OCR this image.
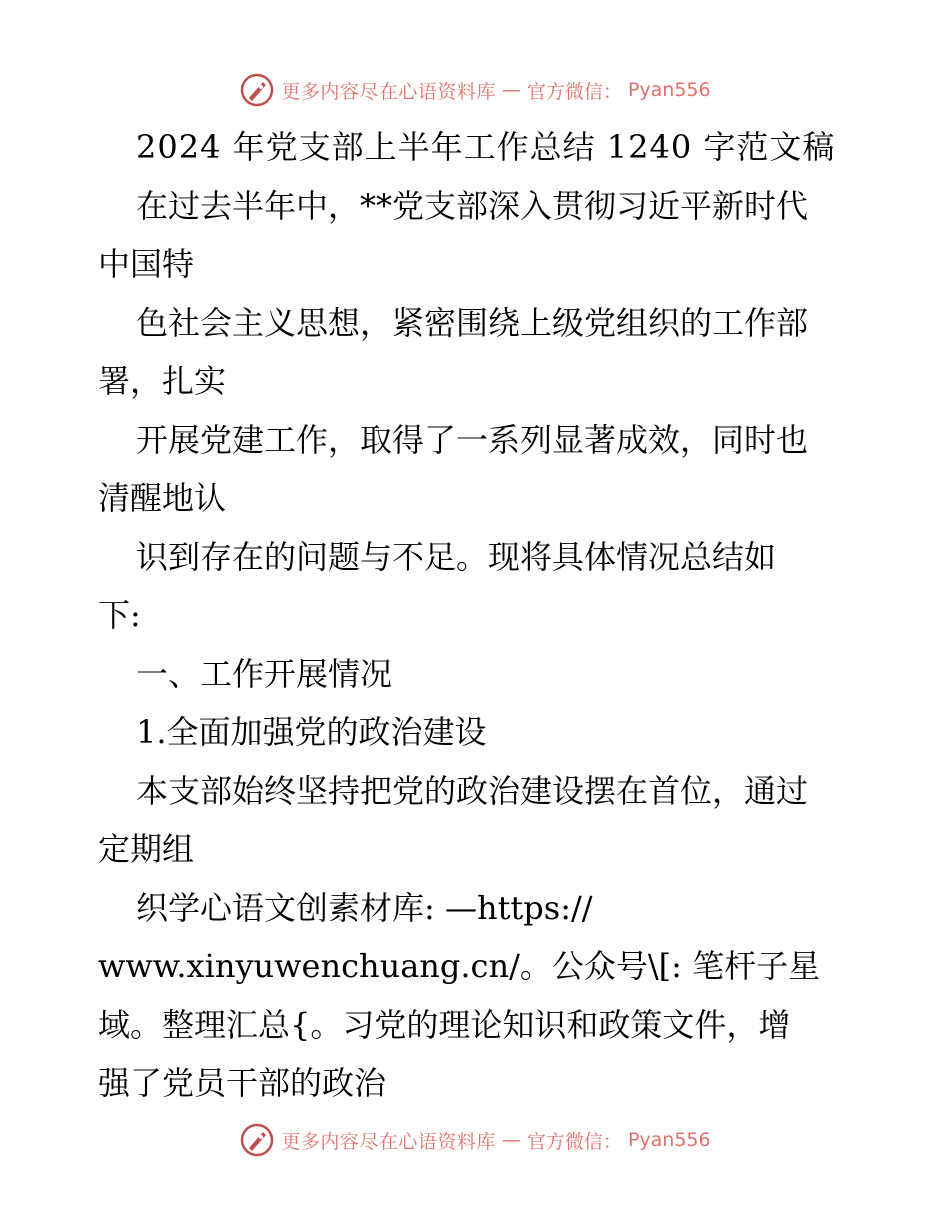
更多内容尽在心语资料库 — 官方微信： Pyan556
2024 年党支部上半年工作总结 1240 字范文稿
在过去半年中，**党支部深入贯彻习近平新时代
中国特
色社会主义思想，紧密围绕上级党组织的工作部
署，扎实
开展党建工作，取得了一系列显著成效，同时也
清醒地认
识到存在的问题与不足。现将具体情况总结如
下:
一、工作开展情况
1.全面加强党的政治建设
本支部始终坚持把党的政治建设摆在首位，通过
定期组
织学心语文创素材库: —https://
www.xinyuwenchuang.cn/。公众号\[: 笔杆子星
域。整理汇总{。习党的理论知识和政策文件，增
强了党员干部的政治
更多内容尽在心语资料库 — 官方微信： Pyan556
